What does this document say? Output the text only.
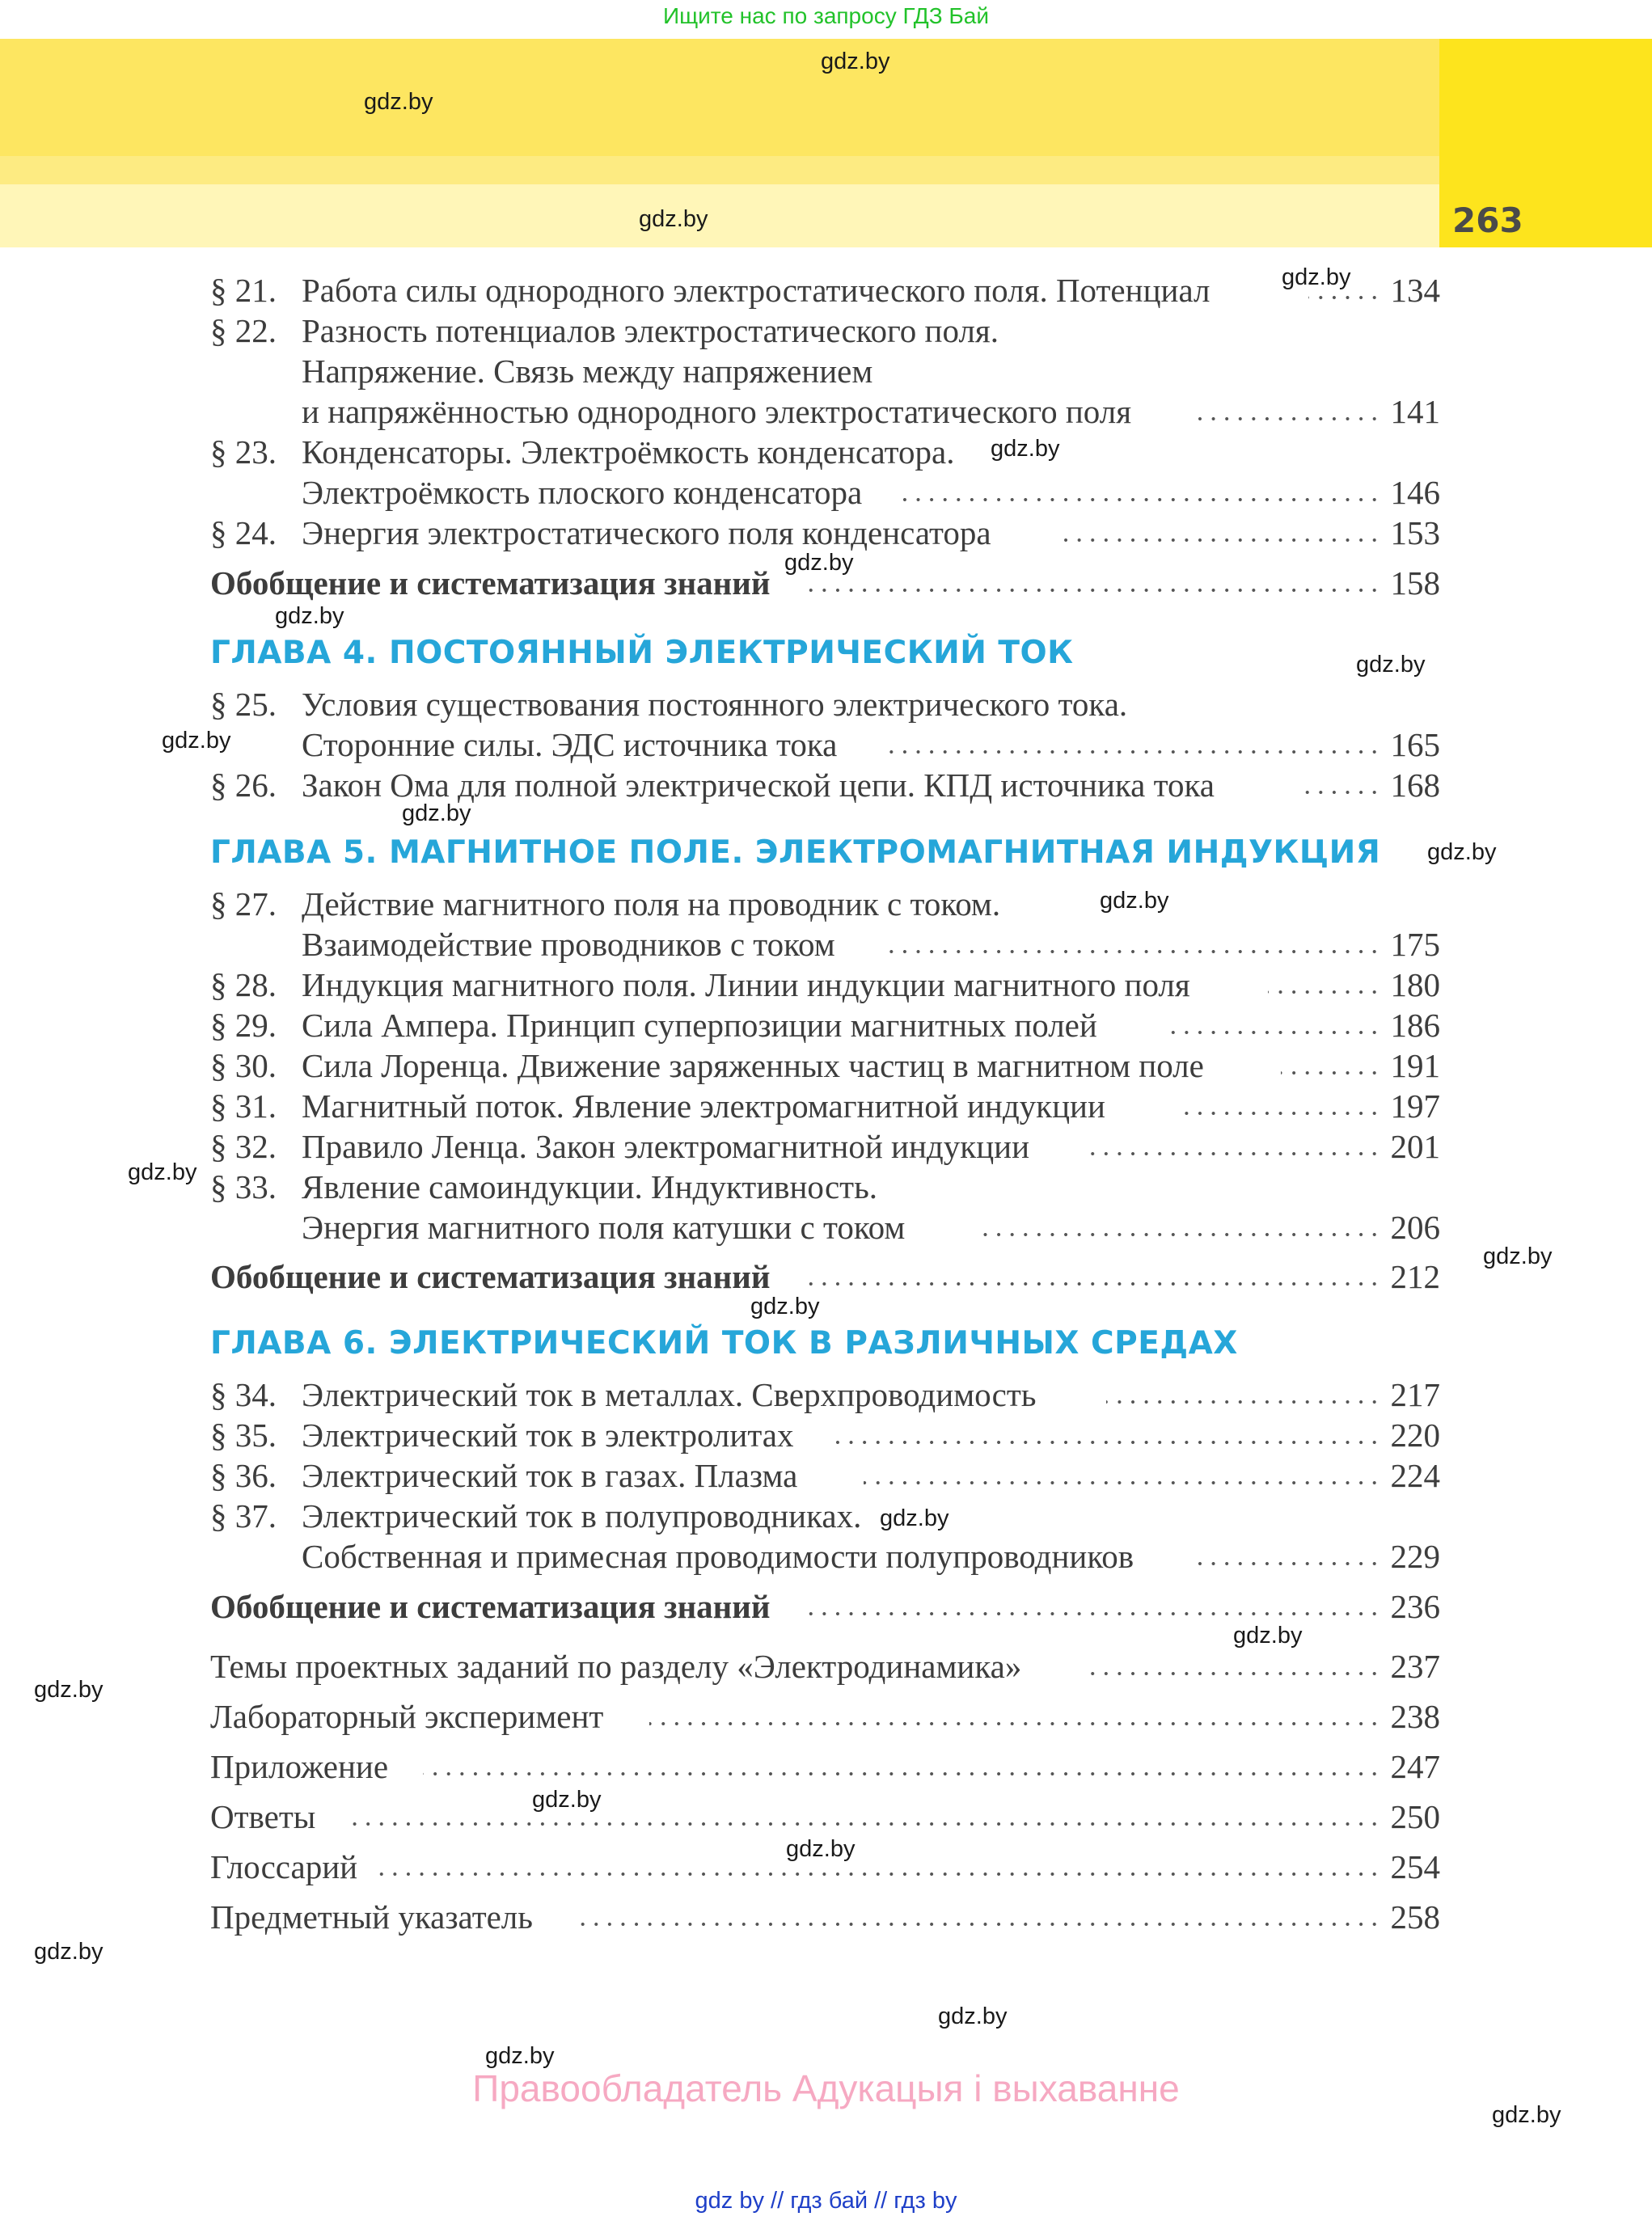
Ищите нас по запросу ГДЗ Бай
263
§ 21. Работа силы однородного электростатического поля. Потенциал	134
§ 22. Разность потенциалов электростатического поля.
Напряжение. Связь между напряжением
и напряжённостью однородного электростатического поля	141
§ 23. Конденсаторы. Электроёмкость конденсатора.
Электроёмкость плоского конденсатора	146
§ 24. Энергия электростатического поля конденсатора	153
Обобщение и систематизация знаний	158
ГЛАВА 4. ПОСТОЯННЫЙ ЭЛЕКТРИЧЕСКИЙ ТОК
§ 25. Условия существования постоянного электрического тока.
Сторонние силы. ЭДС источника тока	165
§ 26. Закон Ома для полной электрической цепи. КПД источника тока	168
ГЛАВА 5. МАГНИТНОЕ ПОЛЕ. ЭЛЕКТРОМАГНИТНАЯ ИНДУКЦИЯ
§ 27. Действие магнитного поля на проводник с током.
Взаимодействие проводников с током	175
§ 28. Индукция магнитного поля. Линии индукции магнитного поля	180
§ 29. Сила Ампера. Принцип суперпозиции магнитных полей	186
§ 30. Сила Лоренца. Движение заряженных частиц в магнитном поле	191
§ 31. Магнитный поток. Явление электромагнитной индукции	197
§ 32. Правило Ленца. Закон электромагнитной индукции	201
§ 33. Явление самоиндукции. Индуктивность.
Энергия магнитного поля катушки с током	206
Обобщение и систематизация знаний	212
ГЛАВА 6. ЭЛЕКТРИЧЕСКИЙ ТОК В РАЗЛИЧНЫХ СРЕДАХ
§ 34. Электрический ток в металлах. Сверхпроводимость	217
§ 35. Электрический ток в электролитах	220
§ 36. Электрический ток в газах. Плазма	224
§ 37. Электрический ток в полупроводниках.
Собственная и примесная проводимости полупроводников	229
Обобщение и систематизация знаний	236
Темы проектных заданий по разделу «Электродинамика»	237
Лабораторный эксперимент	238
Приложение	247
Ответы	250
Глоссарий	254
Предметный указатель	258
gdz.by
gdz.by
gdz.by
gdz.by
gdz.by
gdz.by
gdz.by
gdz.by
gdz.by
gdz.by
gdz.by
gdz.by
gdz.by
gdz.by
gdz.by
gdz.by
gdz.by
gdz.by
gdz.by
gdz.by
gdz.by
gdz.by
gdz.by
gdz.by
Правообладатель Адукацыя і выхаванне
gdz by // гдз бай // гдз by
